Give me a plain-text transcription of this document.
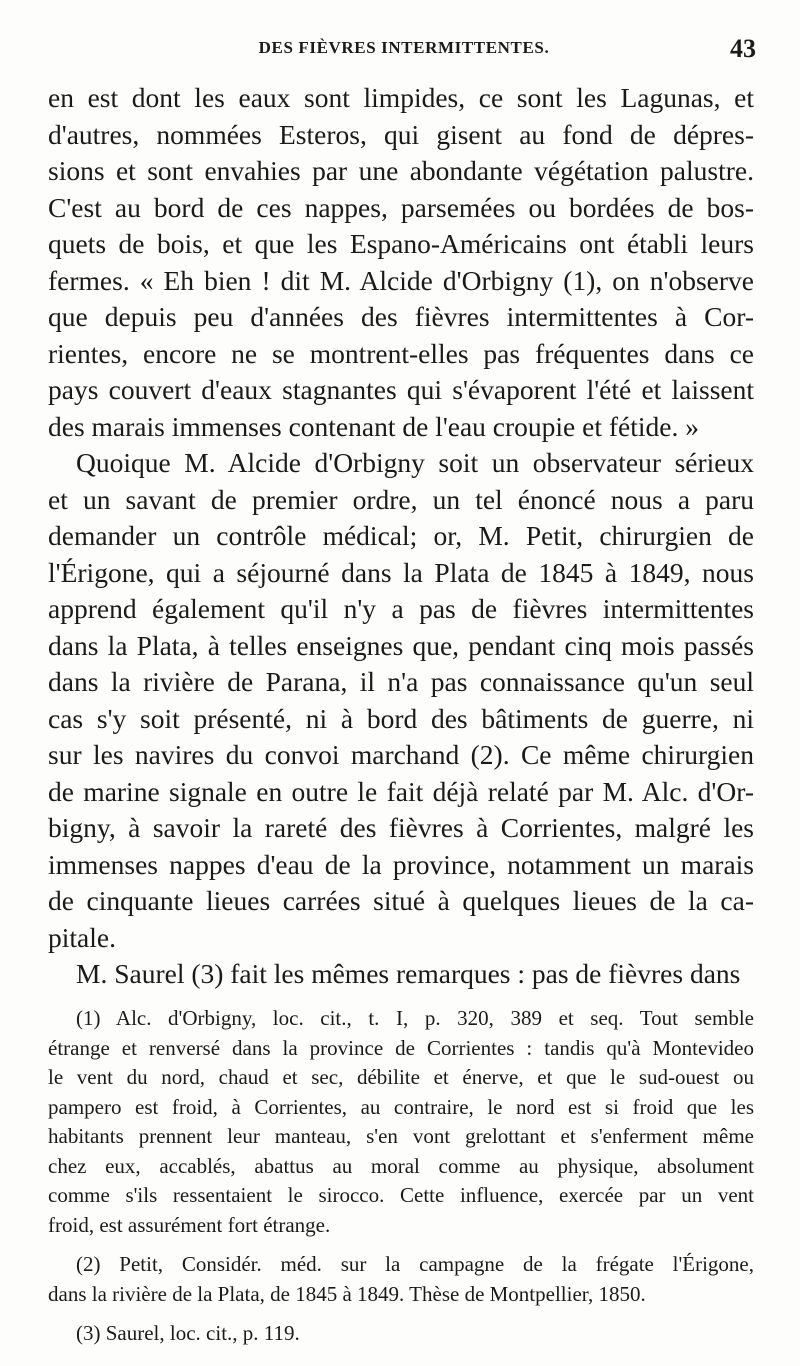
DES FIÈVRES INTERMITTENTES.	43
en est dont les eaux sont limpides, ce sont les Lagunas, et
d'autres, nommées Esteros, qui gisent au fond de dépres-
sions et sont envahies par une abondante végétation palustre.
C'est au bord de ces nappes, parsemées ou bordées de bos-
quets de bois, et que les Espano-Américains ont établi leurs
fermes. « Eh bien ! dit M. Alcide d'Orbigny (1), on n'observe
que depuis peu d'années des fièvres intermittentes à Cor-
rientes, encore ne se montrent-elles pas fréquentes dans ce
pays couvert d'eaux stagnantes qui s'évaporent l'été et laissent
des marais immenses contenant de l'eau croupie et fétide. »
Quoique M. Alcide d'Orbigny soit un observateur sérieux
et un savant de premier ordre, un tel énoncé nous a paru
demander un contrôle médical; or, M. Petit, chirurgien de
l'Érigone, qui a séjourné dans la Plata de 1845 à 1849, nous
apprend également qu'il n'y a pas de fièvres intermittentes
dans la Plata, à telles enseignes que, pendant cinq mois passés
dans la rivière de Parana, il n'a pas connaissance qu'un seul
cas s'y soit présenté, ni à bord des bâtiments de guerre, ni
sur les navires du convoi marchand (2). Ce même chirurgien
de marine signale en outre le fait déjà relaté par M. Alc. d'Or-
bigny, à savoir la rareté des fièvres à Corrientes, malgré les
immenses nappes d'eau de la province, notamment un marais
de cinquante lieues carrées situé à quelques lieues de la ca-
pitale.
M. Saurel (3) fait les mêmes remarques : pas de fièvres dans
(1) Alc. d'Orbigny, loc. cit., t. I, p. 320, 389 et seq. Tout semble
étrange et renversé dans la province de Corrientes : tandis qu'à Montevideo
le vent du nord, chaud et sec, débilite et énerve, et que le sud-ouest ou
pampero est froid, à Corrientes, au contraire, le nord est si froid que les
habitants prennent leur manteau, s'en vont grelottant et s'enferment même
chez eux, accablés, abattus au moral comme au physique, absolument
comme s'ils ressentaient le sirocco. Cette influence, exercée par un vent
froid, est assurément fort étrange.
(2) Petit, Considér. méd. sur la campagne de la frégate l'Érigone,
dans la rivière de la Plata, de 1845 à 1849. Thèse de Montpellier, 1850.
(3) Saurel, loc. cit., p. 119.
